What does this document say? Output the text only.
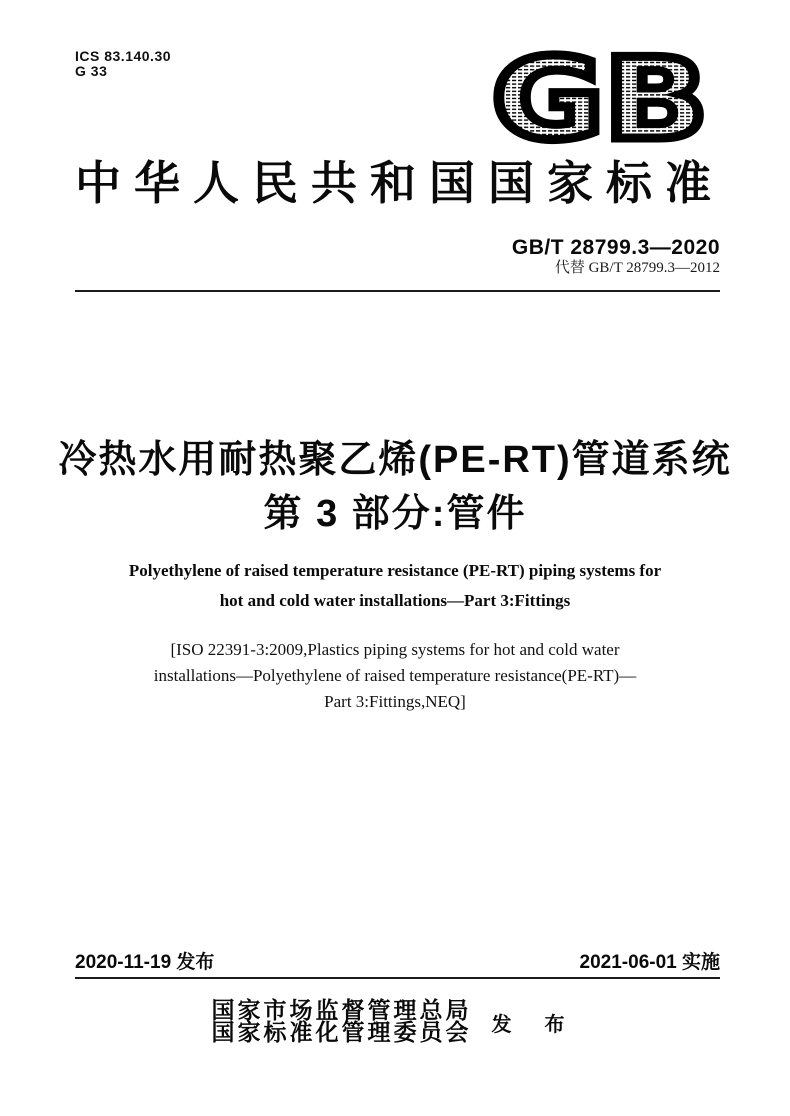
ICS 83.140.30
G 33	GB
中华人民共和国国家标准
GB/T 28799.3—2020
代替 GB/T 28799.3—2012
冷热水用耐热聚乙烯(PE-RT)管道系统
第 3 部分:管件
Polyethylene of raised temperature resistance (PE-RT) piping systems for
hot and cold water installations—Part 3:Fittings
[ISO 22391-3:2009,Plastics piping systems for hot and cold water
installations—Polyethylene of raised temperature resistance(PE-RT)—
Part 3:Fittings,NEQ]
2020-11-19 发布	2021-06-01 实施
国家市场监督管理总局
国家标准化管理委员会 发 布
